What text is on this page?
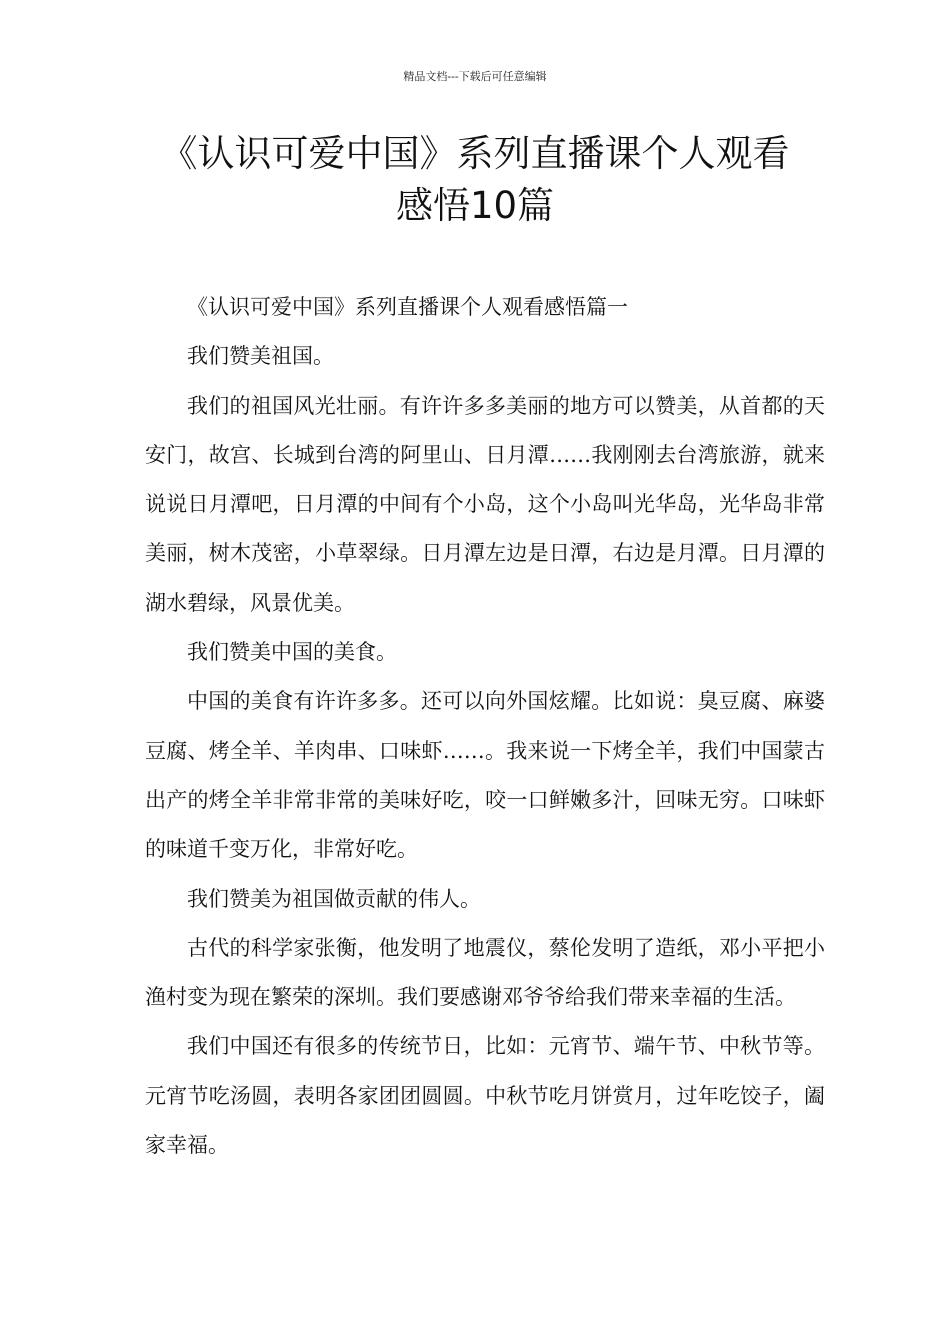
精品文档---下载后可任意编辑
《认识可爱中国》系列直播课个人观看
感悟10篇

《认识可爱中国》系列直播课个人观看感悟篇一

我们赞美祖国。

我们的祖国风光壮丽。有许许多多美丽的地方可以赞美，从首都的天安门，故宫、长城到台湾的阿里山、日月潭……我刚刚去台湾旅游，就来说说日月潭吧，日月潭的中间有个小岛，这个小岛叫光华岛，光华岛非常美丽，树木茂密，小草翠绿。日月潭左边是日潭，右边是月潭。日月潭的湖水碧绿，风景优美。

我们赞美中国的美食。

中国的美食有许许多多。还可以向外国炫耀。比如说：臭豆腐、麻婆豆腐、烤全羊、羊肉串、口味虾……。我来说一下烤全羊，我们中国蒙古出产的烤全羊非常非常的美味好吃，咬一口鲜嫩多汁，回味无穷。口味虾的味道千变万化，非常好吃。

我们赞美为祖国做贡献的伟人。

古代的科学家张衡，他发明了地震仪，蔡伦发明了造纸，邓小平把小渔村变为现在繁荣的深圳。我们要感谢邓爷爷给我们带来幸福的生活。

我们中国还有很多的传统节日，比如：元宵节、端午节、中秋节等。元宵节吃汤圆，表明各家团团圆圆。中秋节吃月饼赏月，过年吃饺子，阖家幸福。
